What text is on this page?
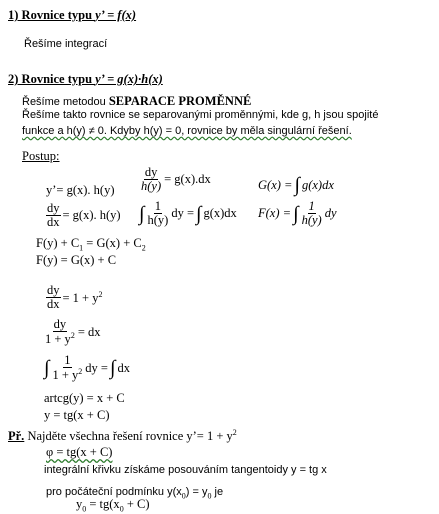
1) Rovnice typu y’ = f(x)
Řešíme integrací
2) Rovnice typu y’ = g(x)·h(x)
Řešíme metodou SEPARACE PROMĚNNÉ
Řešíme takto rovnice se separovanými proměnnými, kde g, h jsou spojité
funkce a h(y) ≠ 0. Kdyby h(y) = 0, rovnice by měla singulární řešení.
Postup:
y’= g(x). $h(y) \frac{dy}{h(y)} = g(x).dx$	G(x) = ∫ g(x)dx
$\frac{dy}{dx} = g(x)$. h(y) ∫ $\frac{1}{h(y)}$ dy = ∫ g(x)dx F(x) = ∫ $\frac{1}{h(y)}$ dy
$F(y) + C_1 = G(x) + C_2$
F(y) = G(x) + C
$\frac{dy}{dx} = 1 + y^2$
$\frac{dy}{1 + y^2}$ = dx
∫ $\frac{1}{1 + y^2}$ dy = ∫ dx
artcg(y) = x + C
y = tg(x + C)
Př. Najděte všechna řešení rovnice y’= $1 + y^2$
φ = tg(x + C)
integrální křivku získáme posouváním tangentoidy y = tg x
pro počáteční podmínku $y(x_0) = y_0$ je
$y_0 = tg(x_0 + C)$
